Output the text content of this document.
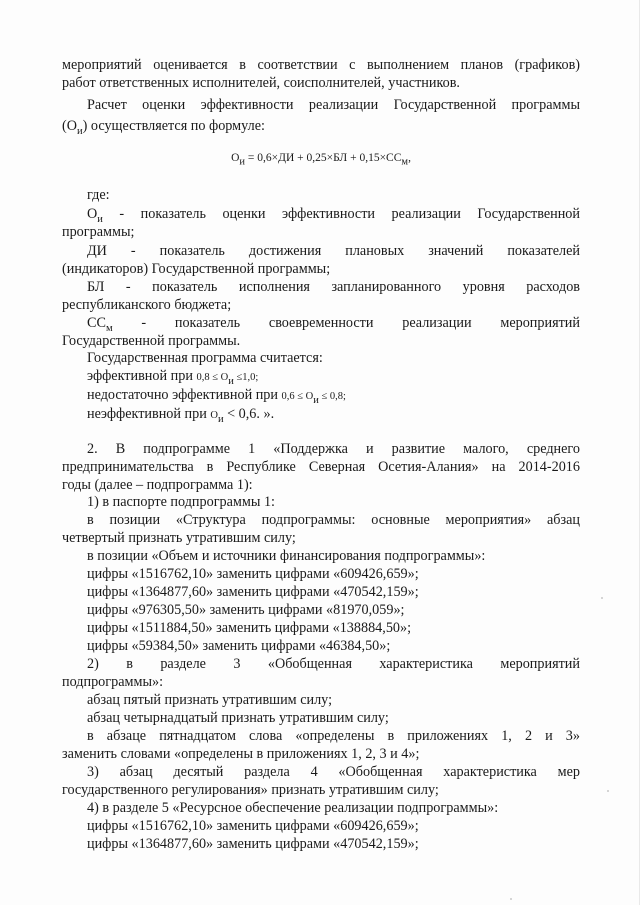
мероприятий оценивается в соответствии с выполнением планов (графиков)
работ ответственных исполнителей, соисполнителей, участников.
Расчет оценки эффективности реализации Государственной программы
$(О_и)$ осуществляется по формуле:
$О_и = 0,6\times ДИ + 0,25\times БЛ + 0,15\times СС_м$,
где:
$О_и$ - показатель оценки эффективности реализации Государственной
программы;
ДИ - показатель достижения плановых значений показателей
(индикаторов) Государственной программы;
БЛ - показатель исполнения запланированного уровня расходов
республиканского бюджета;
$СС_м$ - показатель своевременности реализации мероприятий
Государственной программы.
Государственная программа считается:
эффективной при $0,8 \le О_и \le 1,0$;
недостаточно эффективной при $0,6 \le О_и \le 0,8$;
неэффективной при $О_и < 0,6$. ».
2. В подпрограмме 1 «Поддержка и развитие малого, среднего
предпринимательства в Республике Северная Осетия-Алания» на 2014-2016
годы (далее – подпрограмма 1):
1) в паспорте подпрограммы 1:
в позиции «Структура подпрограммы: основные мероприятия» абзац
четвертый признать утратившим силу;
в позиции «Объем и источники финансирования подпрограммы»:
цифры «1516762,10» заменить цифрами «609426,659»;
цифры «1364877,60» заменить цифрами «470542,159»;
цифры «976305,50» заменить цифрами «81970,059»;
цифры «1511884,50» заменить цифрами «138884,50»;
цифры «59384,50» заменить цифрами «46384,50»;
2) в разделе 3 «Обобщенная характеристика мероприятий
подпрограммы»:
абзац пятый признать утратившим силу;
абзац четырнадцатый признать утратившим силу;
в абзаце пятнадцатом слова «определены в приложениях 1, 2 и 3»
заменить словами «определены в приложениях 1, 2, 3 и 4»;
3) абзац десятый раздела 4 «Обобщенная характеристика мер
государственного регулирования» признать утратившим силу;
4) в разделе 5 «Ресурсное обеспечение реализации подпрограммы»:
цифры «1516762,10» заменить цифрами «609426,659»;
цифры «1364877,60» заменить цифрами «470542,159»;
